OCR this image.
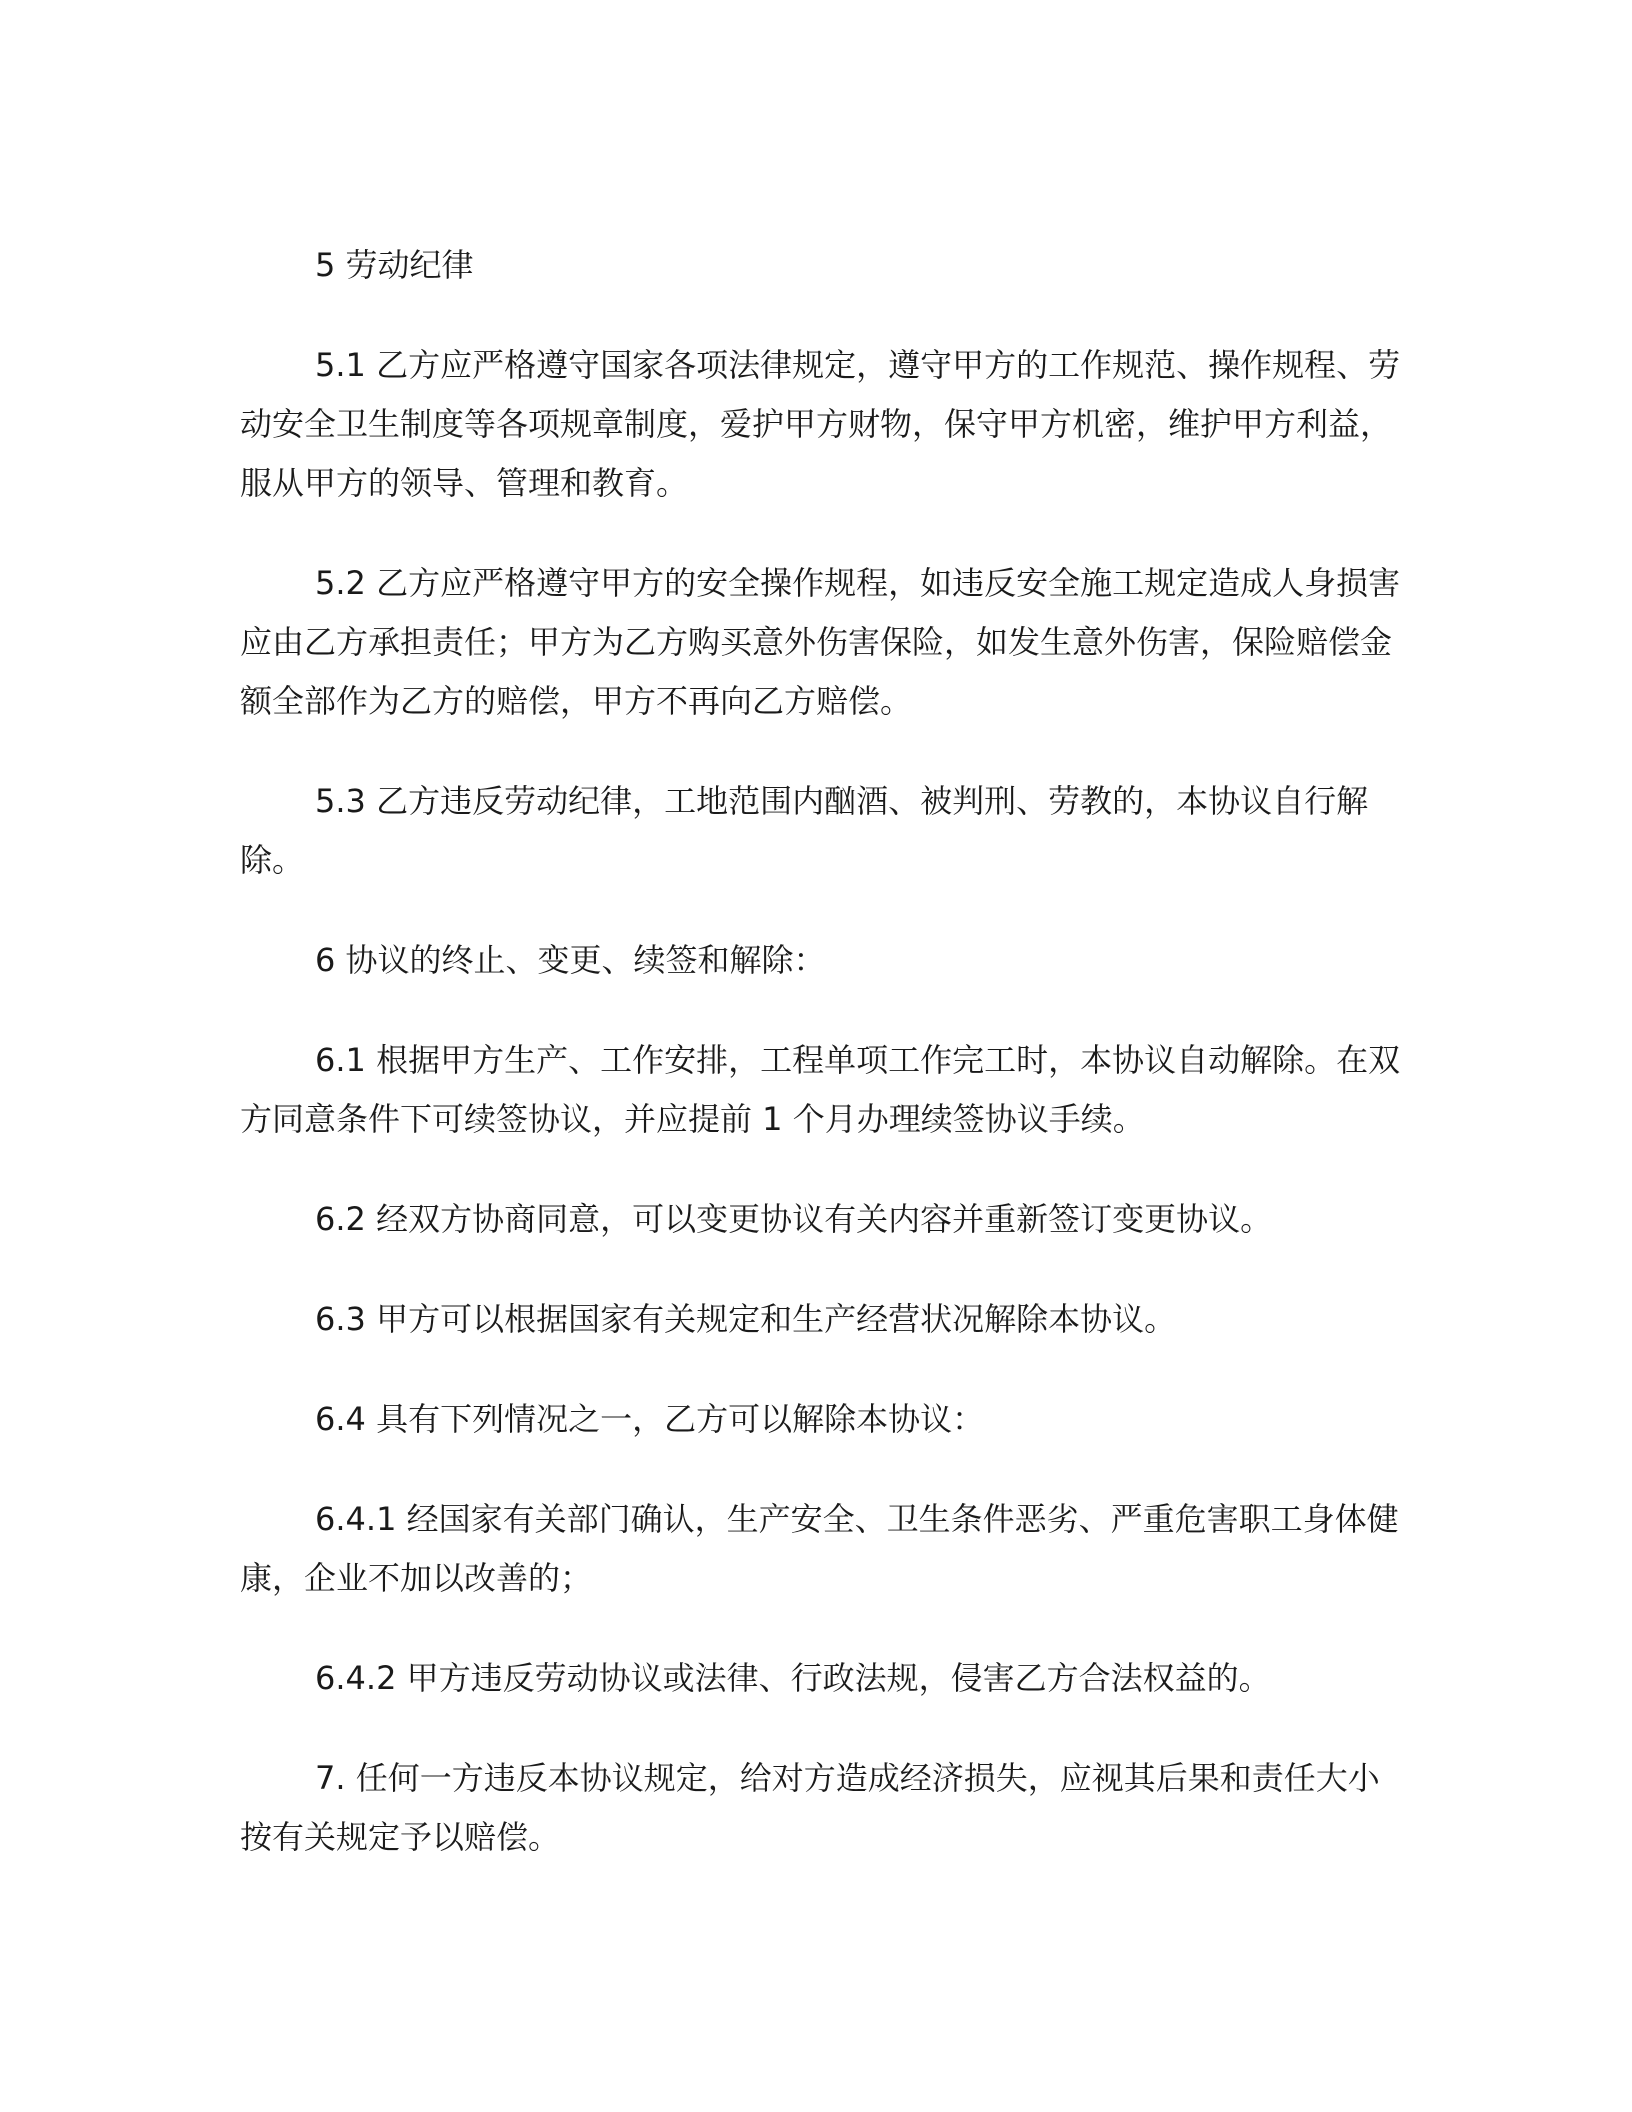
5 劳动纪律

5.1 乙方应严格遵守国家各项法律规定，遵守甲方的工作规范、操作规程、劳动安全卫生制度等各项规章制度，爱护甲方财物，保守甲方机密，维护甲方利益，服从甲方的领导、管理和教育。

5.2 乙方应严格遵守甲方的安全操作规程，如违反安全施工规定造成人身损害应由乙方承担责任；甲方为乙方购买意外伤害保险，如发生意外伤害，保险赔偿金额全部作为乙方的赔偿，甲方不再向乙方赔偿。

5.3 乙方违反劳动纪律，工地范围内酗酒、被判刑、劳教的，本协议自行解除。

6 协议的终止、变更、续签和解除：

6.1 根据甲方生产、工作安排，工程单项工作完工时，本协议自动解除。在双方同意条件下可续签协议，并应提前 1 个月办理续签协议手续。

6.2 经双方协商同意，可以变更协议有关内容并重新签订变更协议。

6.3 甲方可以根据国家有关规定和生产经营状况解除本协议。

6.4 具有下列情况之一，乙方可以解除本协议：

6.4.1 经国家有关部门确认，生产安全、卫生条件恶劣、严重危害职工身体健康，企业不加以改善的；

6.4.2 甲方违反劳动协议或法律、行政法规，侵害乙方合法权益的。

7. 任何一方违反本协议规定，给对方造成经济损失，应视其后果和责任大小按有关规定予以赔偿。
